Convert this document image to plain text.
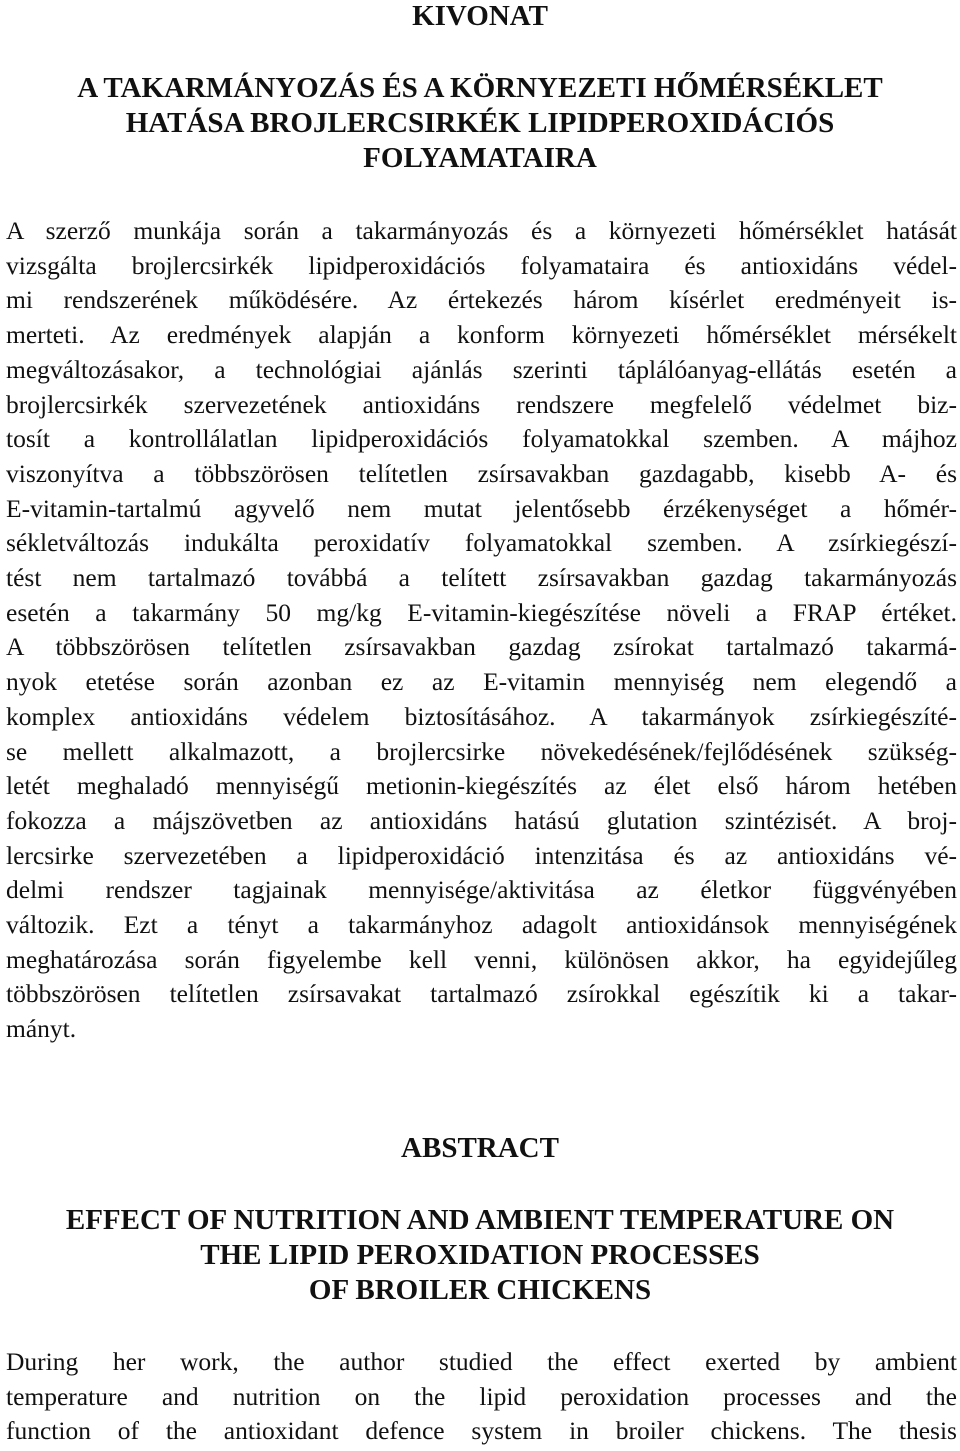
KIVONAT
A TAKARMÁNYOZÁS ÉS A KÖRNYEZETI HŐMÉRSÉKLET
HATÁSA BROJLERCSIRKÉK LIPIDPEROXIDÁCIÓS
FOLYAMATAIRA
A szerző munkája során a takarmányozás és a környezeti hőmérséklet hatását
vizsgálta brojlercsirkék lipidperoxidációs folyamataira és antioxidáns védel-
mi rendszerének működésére. Az értekezés három kísérlet eredményeit is-
merteti. Az eredmények alapján a konform környezeti hőmérséklet mérsékelt
megváltozásakor, a technológiai ajánlás szerinti táplálóanyag-ellátás esetén a
brojlercsirkék szervezetének antioxidáns rendszere megfelelő védelmet biz-
tosít a kontrollálatlan lipidperoxidációs folyamatokkal szemben. A májhoz
viszonyítva a többszörösen telítetlen zsírsavakban gazdagabb, kisebb A- és
E-vitamin-tartalmú agyvelő nem mutat jelentősebb érzékenységet a hőmér-
sékletváltozás indukálta peroxidatív folyamatokkal szemben. A zsírkiegészí-
tést nem tartalmazó továbbá a telített zsírsavakban gazdag takarmányozás
esetén a takarmány 50 mg/kg E-vitamin-kiegészítése növeli a FRAP értéket.
A többszörösen telítetlen zsírsavakban gazdag zsírokat tartalmazó takarmá-
nyok etetése során azonban ez az E-vitamin mennyiség nem elegendő a
komplex antioxidáns védelem biztosításához. A takarmányok zsírkiegészíté-
se mellett alkalmazott, a brojlercsirke növekedésének/fejlődésének szükség-
letét meghaladó mennyiségű metionin-kiegészítés az élet első három hetében
fokozza a májszövetben az antioxidáns hatású glutation szintézisét. A broj-
lercsirke szervezetében a lipidperoxidáció intenzitása és az antioxidáns vé-
delmi rendszer tagjainak mennyisége/aktivitása az életkor függvényében
változik. Ezt a tényt a takarmányhoz adagolt antioxidánsok mennyiségének
meghatározása során figyelembe kell venni, különösen akkor, ha egyidejűleg
többszörösen telítetlen zsírsavakat tartalmazó zsírokkal egészítik ki a takar-
mányt.
ABSTRACT
EFFECT OF NUTRITION AND AMBIENT TEMPERATURE ON
THE LIPID PEROXIDATION PROCESSES
OF BROILER CHICKENS
During her work, the author studied the effect exerted by ambient
temperature and nutrition on the lipid peroxidation processes and the
function of the antioxidant defence system in broiler chickens. The thesis
